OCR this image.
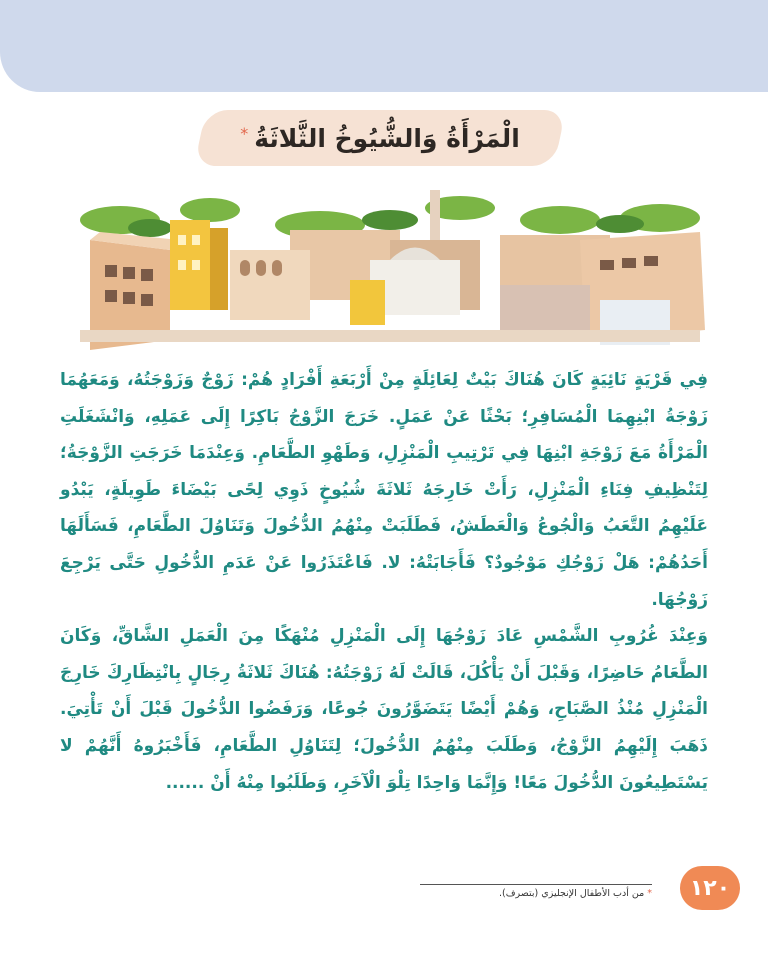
الْمَرْأَةُ وَالشُّيُوخُ الثَّلاثَةُ
*

فِي قَرْيَةٍ نَائِيَةٍ كَانَ هُنَاكَ بَيْتٌ لِعَائِلَةٍ مِنْ أَرْبَعَةِ أَفْرَادٍ هُمْ: زَوْجٌ وَزَوْجَتُهُ، وَمَعَهُمَا زَوْجَةُ ابْنِهِمَا الْمُسَافِرِ؛ بَحْثًا عَنْ عَمَلٍ. خَرَجَ الزَّوْجُ بَاكِرًا إِلَى عَمَلِهِ، وَانْشَغَلَتِ الْمَرْأَةُ مَعَ زَوْجَةِ ابْنِهَا فِي تَرْتِيبِ الْمَنْزِلِ، وَطَهْوِ الطَّعَامِ. وَعِنْدَمَا خَرَجَتِ الزَّوْجَةُ؛ لِتَنْظِيفِ فِنَاءِ الْمَنْزِلِ، رَأَتْ خَارِجَهُ ثَلاثَةَ شُيُوخٍ ذَوِي لِحًى بَيْضَاءَ طَوِيلَةٍ، يَبْدُو عَلَيْهِمُ التَّعَبُ وَالْجُوعُ وَالْعَطَشُ، فَطَلَبَتْ مِنْهُمُ الدُّخُولَ وَتَنَاوُلَ الطَّعَامِ، فَسَأَلَهَا أَحَدُهُمْ: هَلْ زَوْجُكِ مَوْجُودٌ؟ فَأَجَابَتْهُ: لا. فَاعْتَذَرُوا عَنْ عَدَمِ الدُّخُولِ حَتَّى يَرْجِعَ زَوْجُهَا.

وَعِنْدَ غُرُوبِ الشَّمْسِ عَادَ زَوْجُهَا إِلَى الْمَنْزِلِ مُنْهَكًا مِنَ الْعَمَلِ الشَّاقِّ، وَكَانَ الطَّعَامُ حَاضِرًا، وَقَبْلَ أَنْ يَأْكُلَ، قَالَتْ لَهُ زَوْجَتُهُ: هُنَاكَ ثَلاثَةُ رِجَالٍ بِانْتِظَارِكَ خَارِجَ الْمَنْزِلِ مُنْذُ الصَّبَاحِ، وَهُمْ أَيْضًا يَتَضَوَّرُونَ جُوعًا، وَرَفَضُوا الدُّخُولَ قَبْلَ أَنْ تَأْتِيَ. ذَهَبَ إِلَيْهِمُ الزَّوْجُ، وَطَلَبَ مِنْهُمُ الدُّخُولَ؛ لِتَنَاوُلِ الطَّعَامِ، فَأَخْبَرُوهُ أَنَّهُمْ لا يَسْتَطِيعُونَ الدُّخُولَ مَعًا! وَإِنَّمَا وَاحِدًا تِلْوَ الْآخَرِ، وَطَلَبُوا مِنْهُ أَنْ ......

١٢٠
* من أدب الأطفال الإنجليزي (بتصرف).
